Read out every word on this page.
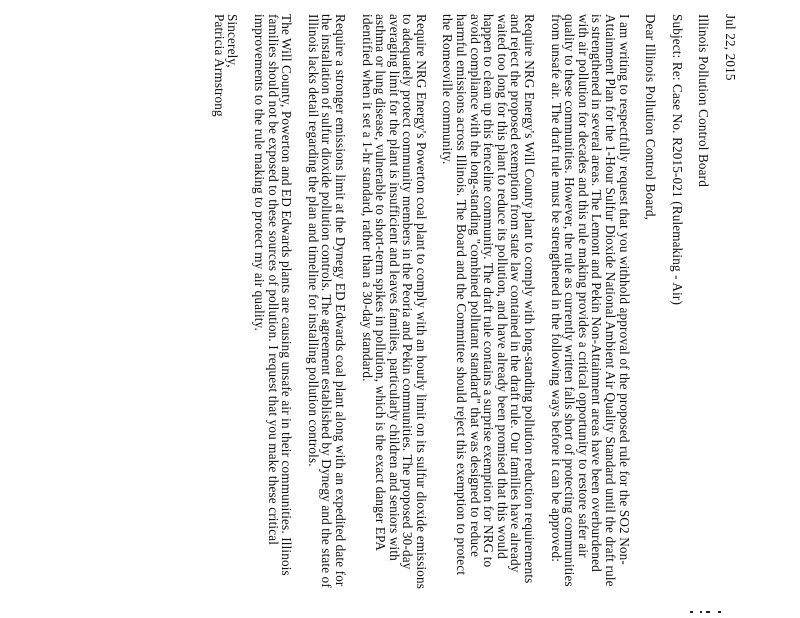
Jul 22, 2015

Illinois Pollution Control Board

Subject: Re: Case No. R2015-021 (Rulemaking - Air)

Dear Illinois Pollution Control Board,

I am writing to respectfully request that you withhold approval of the proposed rule for the SO2 Non-Attainment Plan for the 1-Hour Sulfur Dioxide National Ambient Air Quality Standard until the draft rule is strengthened in several areas. The Lemont and Pekin Non-Attainment areas have been overburdened with air pollution for decades and this rule making provides a critical opportunity to restore safer air quality to these communities. However, the rule as currently written falls short of protecting communities from unsafe air. The draft rule must be strengthened in the following ways before it can be approved:

Require NRG Energy's Will County plant to comply with long-standing pollution reduction requirements and reject the proposed exemption from state law contained in the draft rule. Our families have already waited too long for this plant to reduce its pollution, and have already been promised that this would happen to clean up this fenceline community. The draft rule contains a surprise exemption for NRG to avoid compliance with the long-standing "combined pollutant standard" that was designed to reduce harmful emissions across Illinois. The Board and the Committee should reject this exemption to protect the Romeoville community.

Require NRG Energy's Powerton coal plant to comply with an hourly limit on its sulfur dioxide emissions to adequately protect community members in the Peoria and Pekin communities. The proposed 30-day averaging limit for the plant is insufficient and leaves families, particularly children and seniors with asthma or lung disease, vulnerable to short-term spikes in pollution, which is the exact danger EPA identified when it set a 1-hr standard, rather than a 30-day standard.

Require a stronger emissions limit at the Dynegy ED Edwards coal plant along with an expedited date for the installation of sulfur dioxide pollution controls. The agreement established by Dynegy and the state of Illinois lacks detail regarding the plan and timeline for installing pollution controls.

The Will County, Powerton and ED Edwards plants are causing unsafe air in their communities. Illinois families should not be exposed to these sources of pollution. I request that you make these critical improvements to the rule making to protect my air quality.

Sincerely,

Patricia Armstrong
